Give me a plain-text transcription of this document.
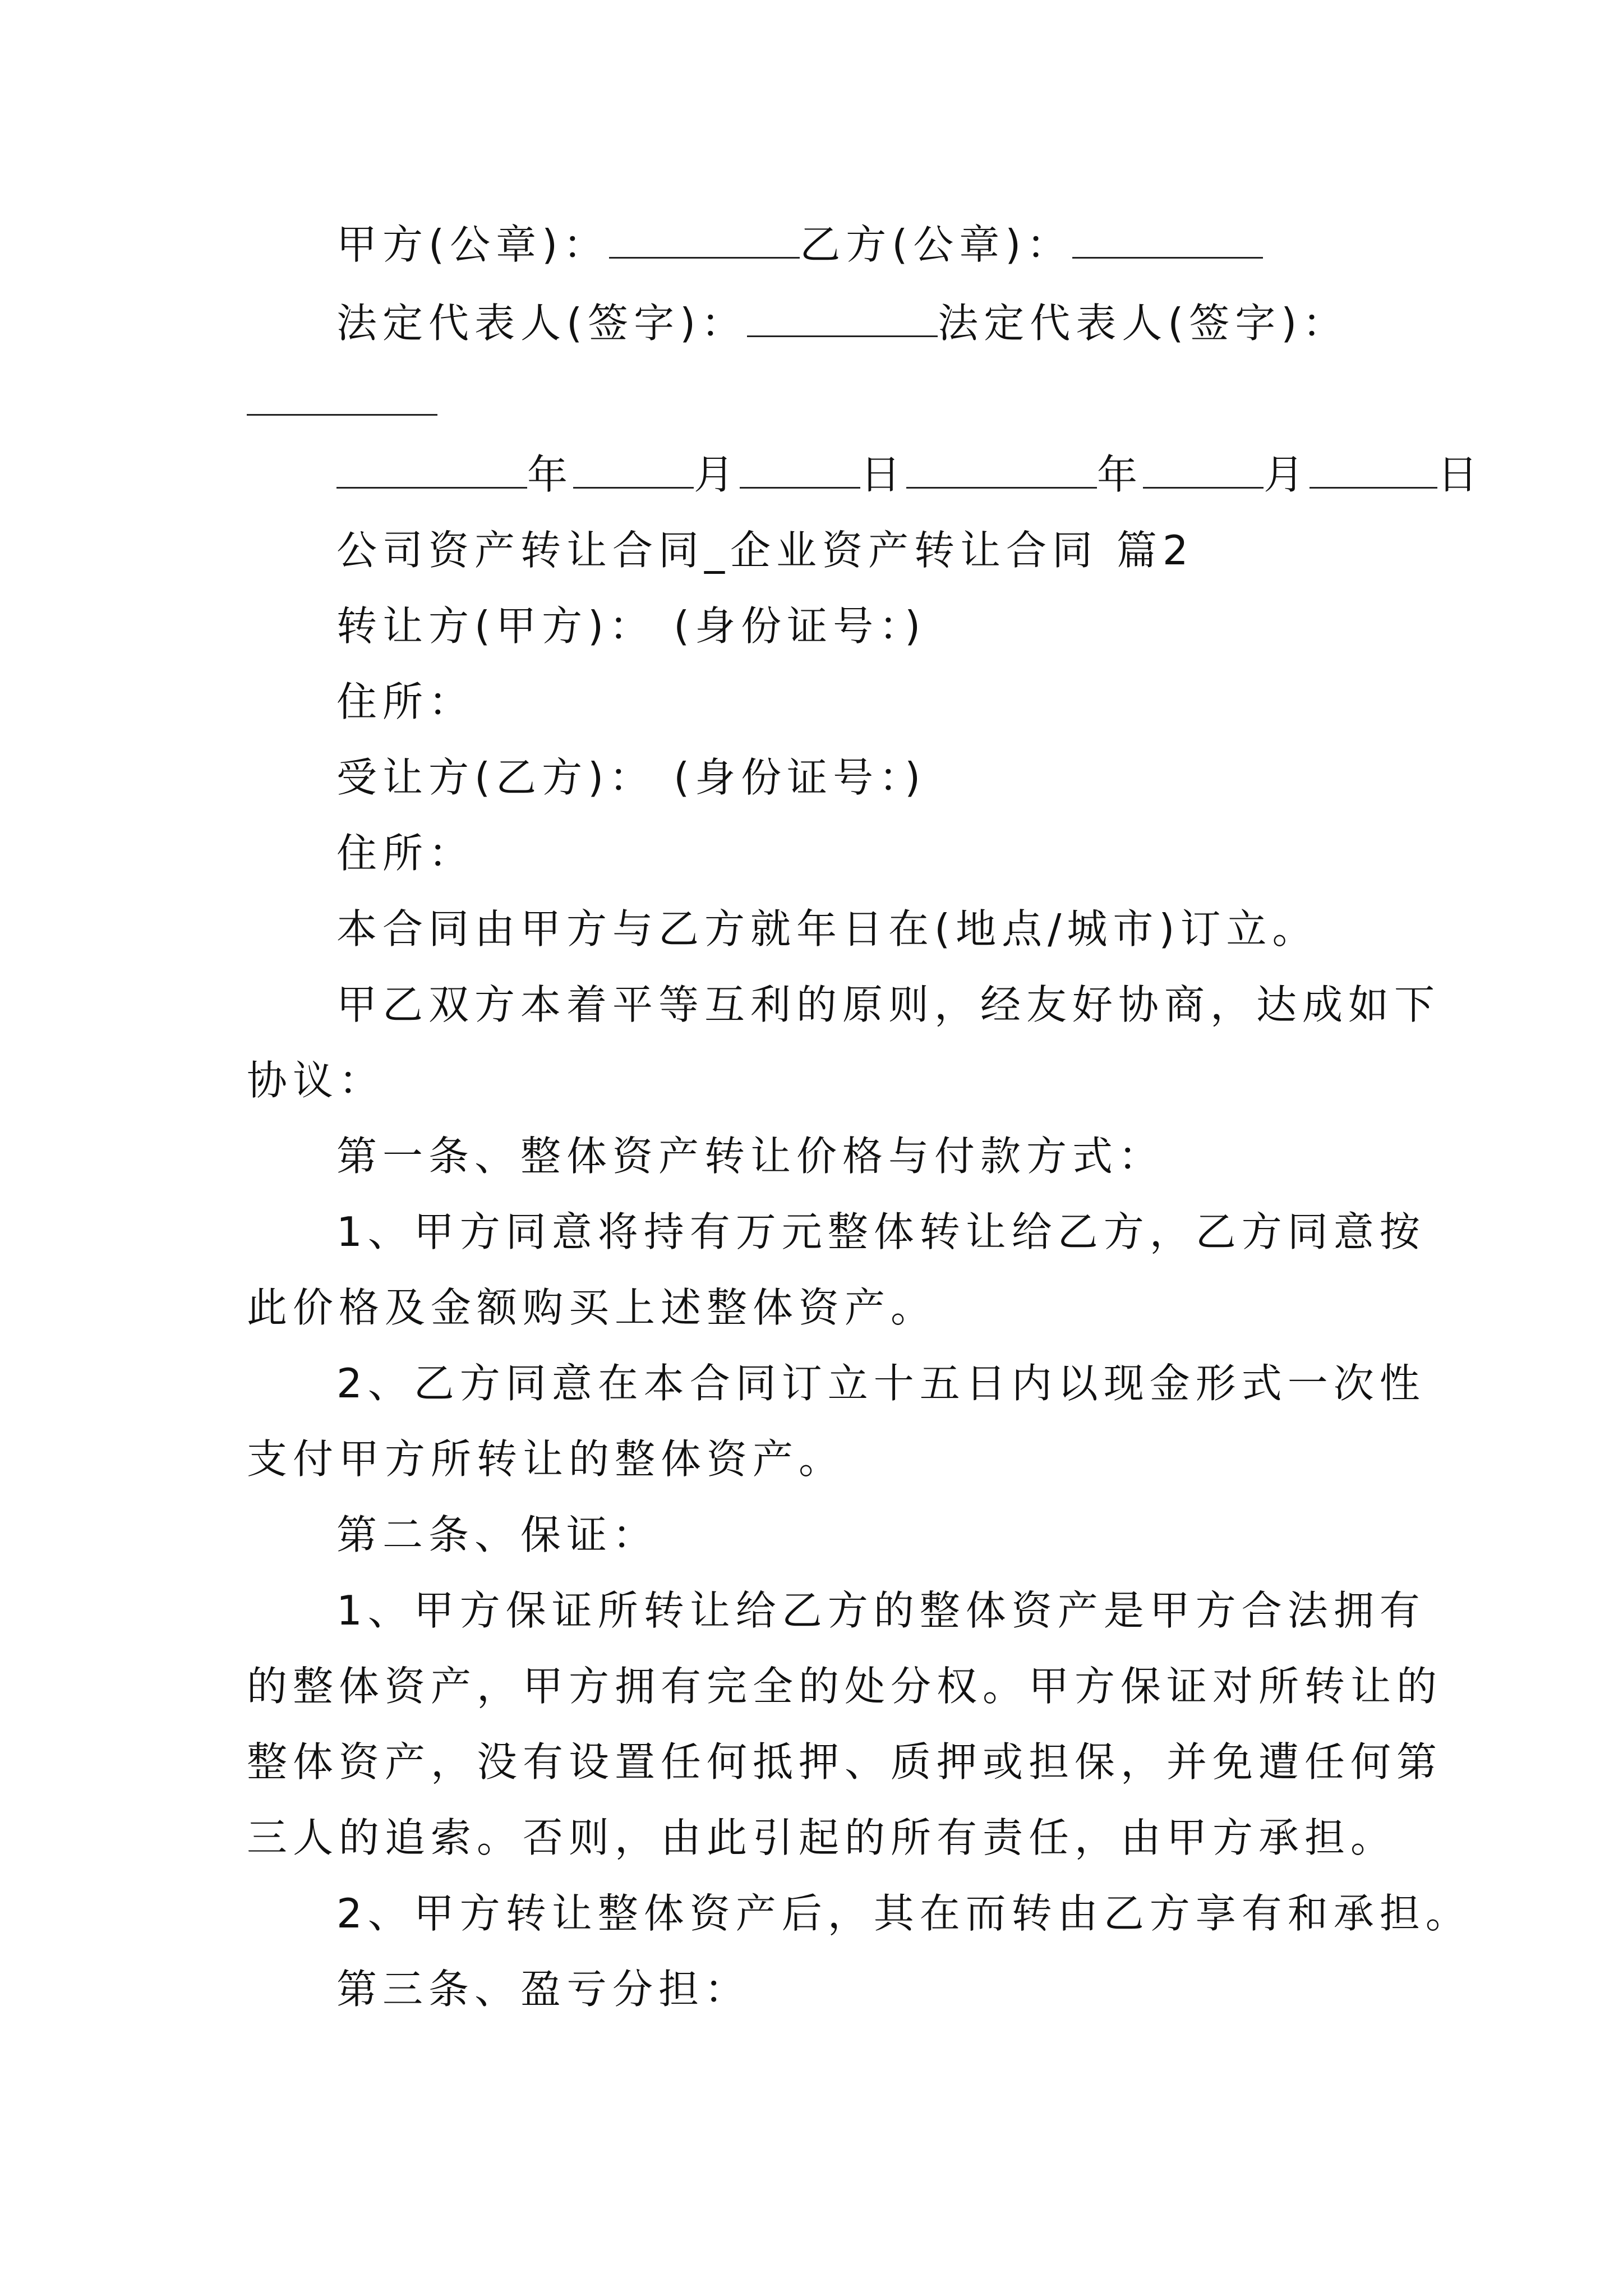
甲方(公章)：	乙方(公章)：
法定代表人(签字)：	法定代表人(签字)：
年	月	日	年	月	日
公司资产转让合同_企业资产转让合同 篇2
转让方(甲方)： (身份证号：)
住所：
受让方(乙方)： (身份证号：)
住所：
本合同由甲方与乙方就年日在(地点/城市)订立。
甲乙双方本着平等互利的原则，经友好协商，达成如下
协议：
第一条、整体资产转让价格与付款方式：
1、甲方同意将持有万元整体转让给乙方，乙方同意按
此价格及金额购买上述整体资产。
2、乙方同意在本合同订立十五日内以现金形式一次性
支付甲方所转让的整体资产。
第二条、保证：
1、甲方保证所转让给乙方的整体资产是甲方合法拥有
的整体资产，甲方拥有完全的处分权。甲方保证对所转让的
整体资产，没有设置任何抵押、质押或担保，并免遭任何第
三人的追索。否则，由此引起的所有责任，由甲方承担。
2、甲方转让整体资产后，其在而转由乙方享有和承担。
第三条、盈亏分担：
